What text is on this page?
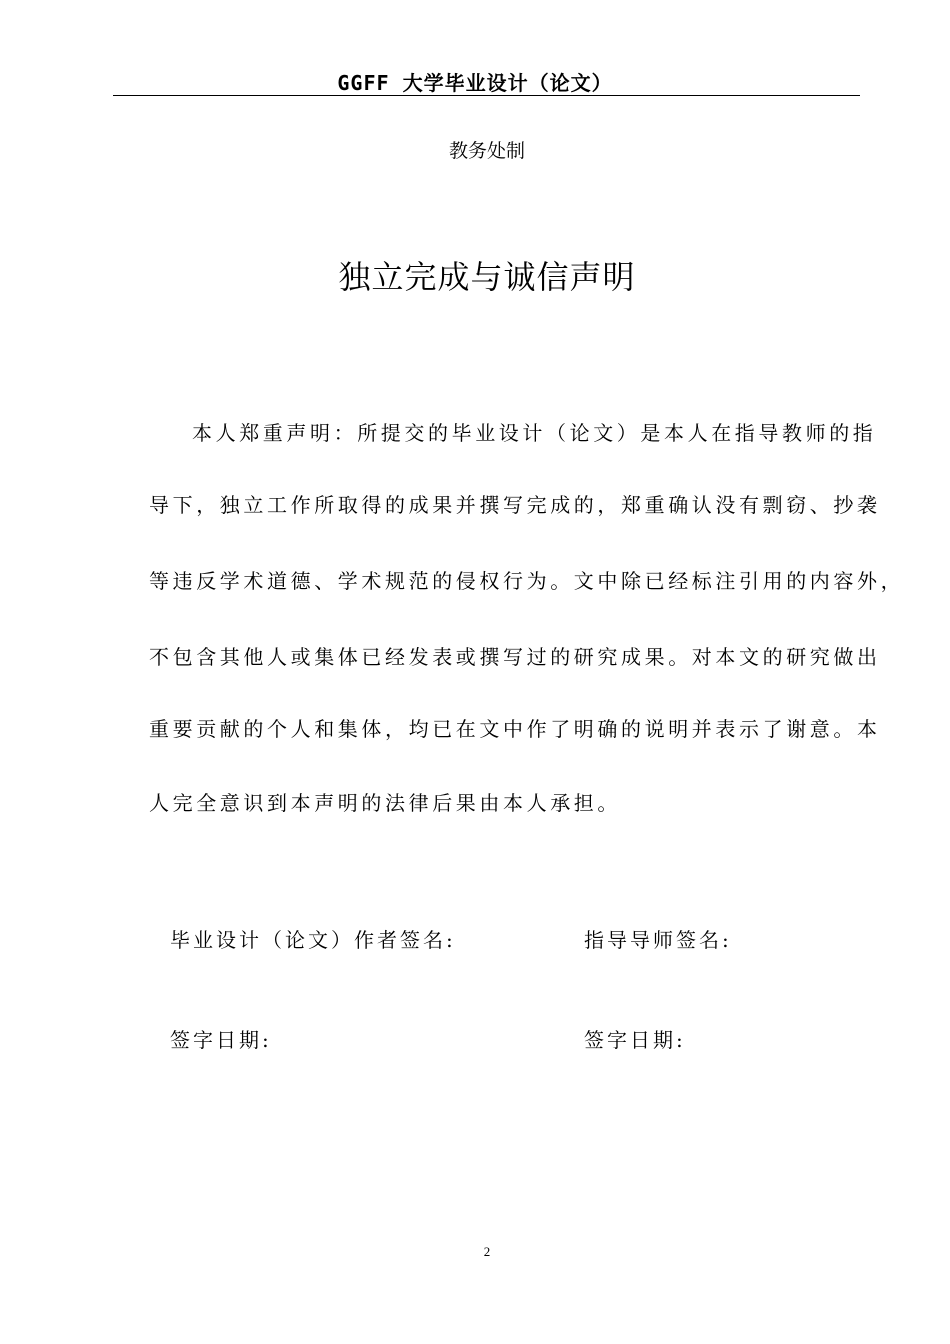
GGFF 大学毕业设计（论文）
教务处制
独立完成与诚信声明
本人郑重声明：所提交的毕业设计（论文）是本人在指导教师的指
导下，独立工作所取得的成果并撰写完成的，郑重确认没有剽窃、抄袭
等违反学术道德、学术规范的侵权行为。文中除已经标注引用的内容外，
不包含其他人或集体已经发表或撰写过的研究成果。对本文的研究做出
重要贡献的个人和集体，均已在文中作了明确的说明并表示了谢意。本
人完全意识到本声明的法律后果由本人承担。
毕业设计（论文）作者签名:	指导导师签名:
签字日期:	签字日期:
2
